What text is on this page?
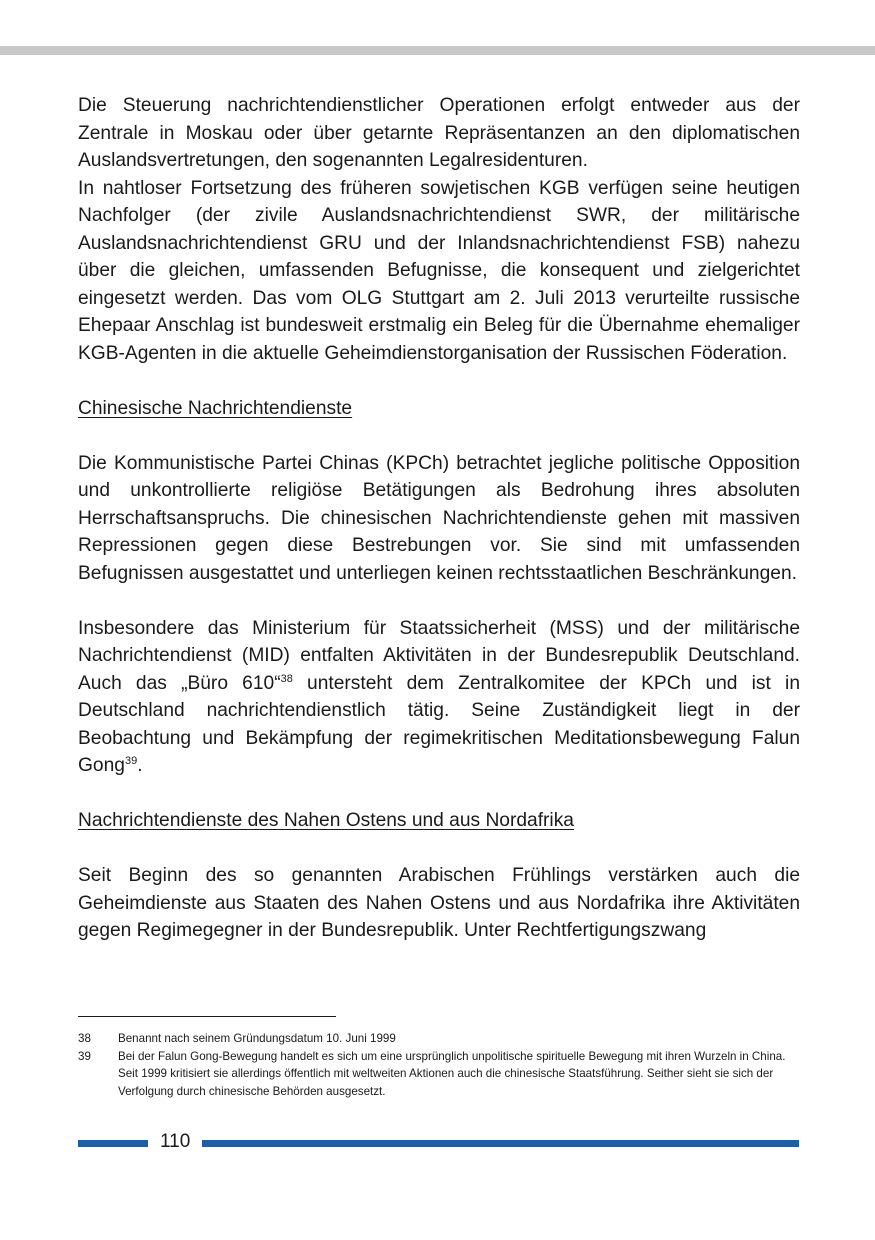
Die Steuerung nachrichtendienstlicher Operationen erfolgt entweder aus der Zentrale in Moskau oder über getarnte Repräsentanzen an den diplomatischen Auslandsvertretungen, den sogenannten Legalresidenturen.

In nahtloser Fortsetzung des früheren sowjetischen KGB verfügen seine heutigen Nachfolger (der zivile Auslandsnachrichtendienst SWR, der militärische Auslandsnachrichtendienst GRU und der Inlandsnachrichtendienst FSB) nahezu über die gleichen, umfassenden Befugnisse, die konsequent und zielgerichtet eingesetzt werden. Das vom OLG Stuttgart am 2. Juli 2013 verurteilte russische Ehepaar Anschlag ist bundesweit erstmalig ein Beleg für die Übernahme ehemaliger KGB-Agenten in die aktuelle Geheimdienstorganisation der Russischen Föderation.

Chinesische Nachrichtendienste

Die Kommunistische Partei Chinas (KPCh) betrachtet jegliche politische Opposition und unkontrollierte religiöse Betätigungen als Bedrohung ihres absoluten Herrschaftsanspruchs. Die chinesischen Nachrichtendienste gehen mit massiven Repressionen gegen diese Bestrebungen vor. Sie sind mit umfassenden Befugnissen ausgestattet und unterliegen keinen rechtsstaatlichen Beschränkungen.

Insbesondere das Ministerium für Staatssicherheit (MSS) und der militärische Nachrichtendienst (MID) entfalten Aktivitäten in der Bundesrepublik Deutschland. Auch das „Büro 610“$^{38}$ untersteht dem Zentralkomitee der KPCh und ist in Deutschland nachrichtendienstlich tätig. Seine Zuständigkeit liegt in der Beobachtung und Bekämpfung der regimekritischen Meditationsbewegung Falun Gong$^{39}$.

Nachrichtendienste des Nahen Ostens und aus Nordafrika

Seit Beginn des so genannten Arabischen Frühlings verstärken auch die Geheimdienste aus Staaten des Nahen Ostens und aus Nordafrika ihre Aktivitäten gegen Regimegegner in der Bundesrepublik. Unter Rechtfertigungszwang

38	Benannt nach seinem Gründungsdatum 10. Juni 1999
39	Bei der Falun Gong-Bewegung handelt es sich um eine ursprünglich unpolitische spirituelle Bewegung mit ihren Wurzeln in China. Seit 1999 kritisiert sie allerdings öffentlich mit weltweiten Aktionen auch die chinesische Staatsführung. Seither sieht sie sich der Verfolgung durch chinesische Behörden ausgesetzt.
110
